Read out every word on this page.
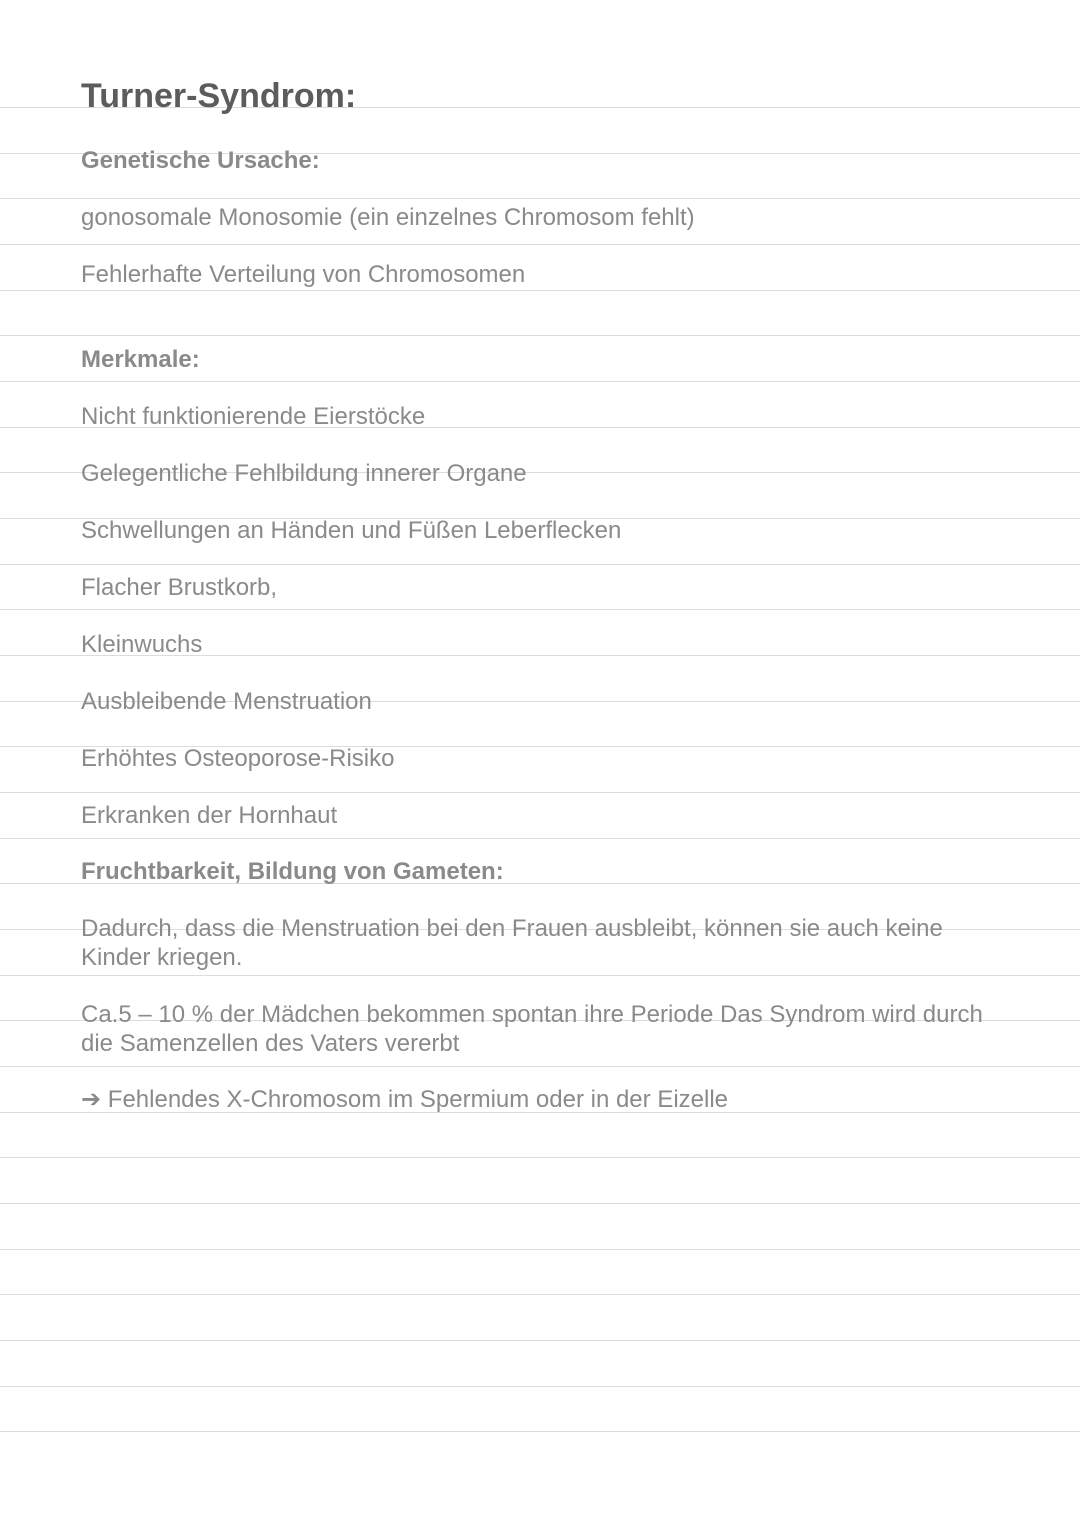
Turner-Syndrom:
Genetische Ursache:
gonosomale Monosomie (ein einzelnes Chromosom fehlt)
Fehlerhafte Verteilung von Chromosomen
Merkmale:
Nicht funktionierende Eierstöcke
Gelegentliche Fehlbildung innerer Organe
Schwellungen an Händen und Füßen Leberflecken
Flacher Brustkorb,
Kleinwuchs
Ausbleibende Menstruation
Erhöhtes Osteoporose-Risiko
Erkranken der Hornhaut
Fruchtbarkeit, Bildung von Gameten:
Dadurch, dass die Menstruation bei den Frauen ausbleibt, können sie auch keine Kinder kriegen.
Ca.5 – 10 % der Mädchen bekommen spontan ihre Periode Das Syndrom wird durch die Samenzellen des Vaters vererbt
➔ Fehlendes X-Chromosom im Spermium oder in der Eizelle
